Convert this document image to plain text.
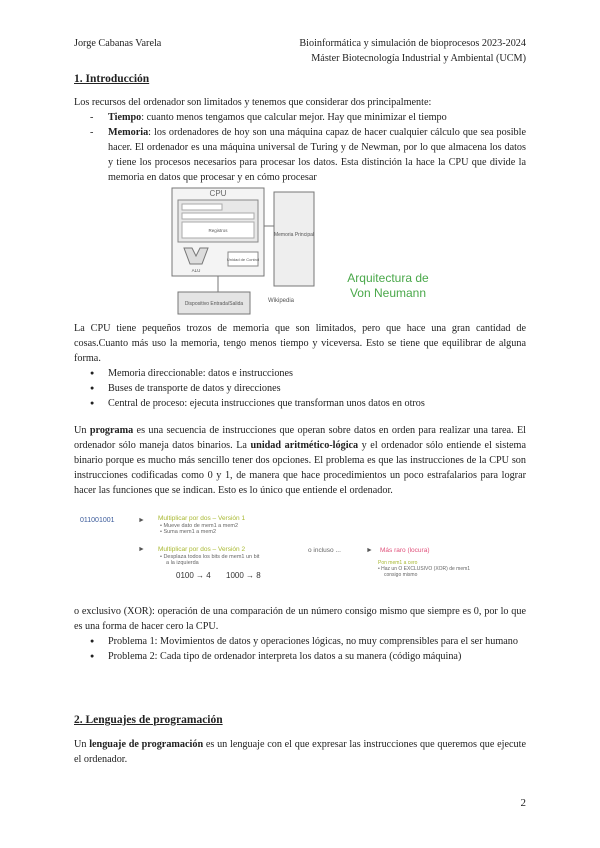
Jorge Cabanas Varela	Bioinformática y simulación de bioprocesos 2023-2024
Máster Biotecnología Industrial y Ambiental (UCM)
1. Introducción

Los recursos del ordenador son limitados y tenemos que considerar dos principalmente:

- Tiempo: cuanto menos tengamos que calcular mejor. Hay que minimizar el tiempo
- Memoria: los ordenadores de hoy son una máquina capaz de hacer cualquier cálculo que sea posible hacer. El ordenador es una máquina universal de Turing y de Newman, por lo que almacena los datos y tiene los procesos necesarios para procesar los datos. Esta distinción la hace la CPU que divide la memoria en datos que procesar y en cómo procesar
CPU
Registros
ALU
Unidad de Control
Memoria Principal
Dispositivo Entrada/Salida	Wikipedia
Arquitectura de
Von Neumann

La CPU tiene pequeños trozos de memoria que son limitados, pero que hace una gran cantidad de cosas.Cuanto más uso la memoria, tengo menos tiempo y viceversa. Esto se tiene que equilibrar de alguna forma.

● Memoria direccionable: datos e instrucciones
● Buses de transporte de datos y direcciones
● Central de proceso: ejecuta instrucciones que transforman unos datos en otros

Un programa es una secuencia de instrucciones que operan sobre datos en orden para realizar una tarea. El ordenador sólo maneja datos binarios. La unidad aritmético-lógica y el ordenador sólo entiende el sistema binario porque es mucho más sencillo tener dos opciones. El problema es que las instrucciones de la CPU son instrucciones codificadas como 0 y 1, de manera que hace procedimientos un poco estrafalarios para lograr hacer las funciones que se indican. Esto es lo único que entiende el ordenador.

011001001	► Multiplicar por dos – Versión 1
• Mueve dato de mem1 a mem2
• Suma mem1 a mem2
► Multiplicar por dos – Versión 2
• Desplaza todos los bits de mem1 un bit
a la izquierda
0100 → 4 1000 → 8
o incluso ...	► Más raro (locura)
Pon mem1 a cero
• Haz un O EXCLUSIVO (XOR) de mem1
consigo mismo

o exclusivo (XOR): operación de una comparación de un número consigo mismo que siempre es 0, por lo que es una forma de hacer cero la CPU.

● Problema 1: Movimientos de datos y operaciones lógicas, no muy comprensibles para el ser humano
● Problema 2: Cada tipo de ordenador interpreta los datos a su manera (código máquina)
2. Lenguajes de programación

Un lenguaje de programación es un lenguaje con el que expresar las instrucciones que queremos que ejecute el ordenador.

2
